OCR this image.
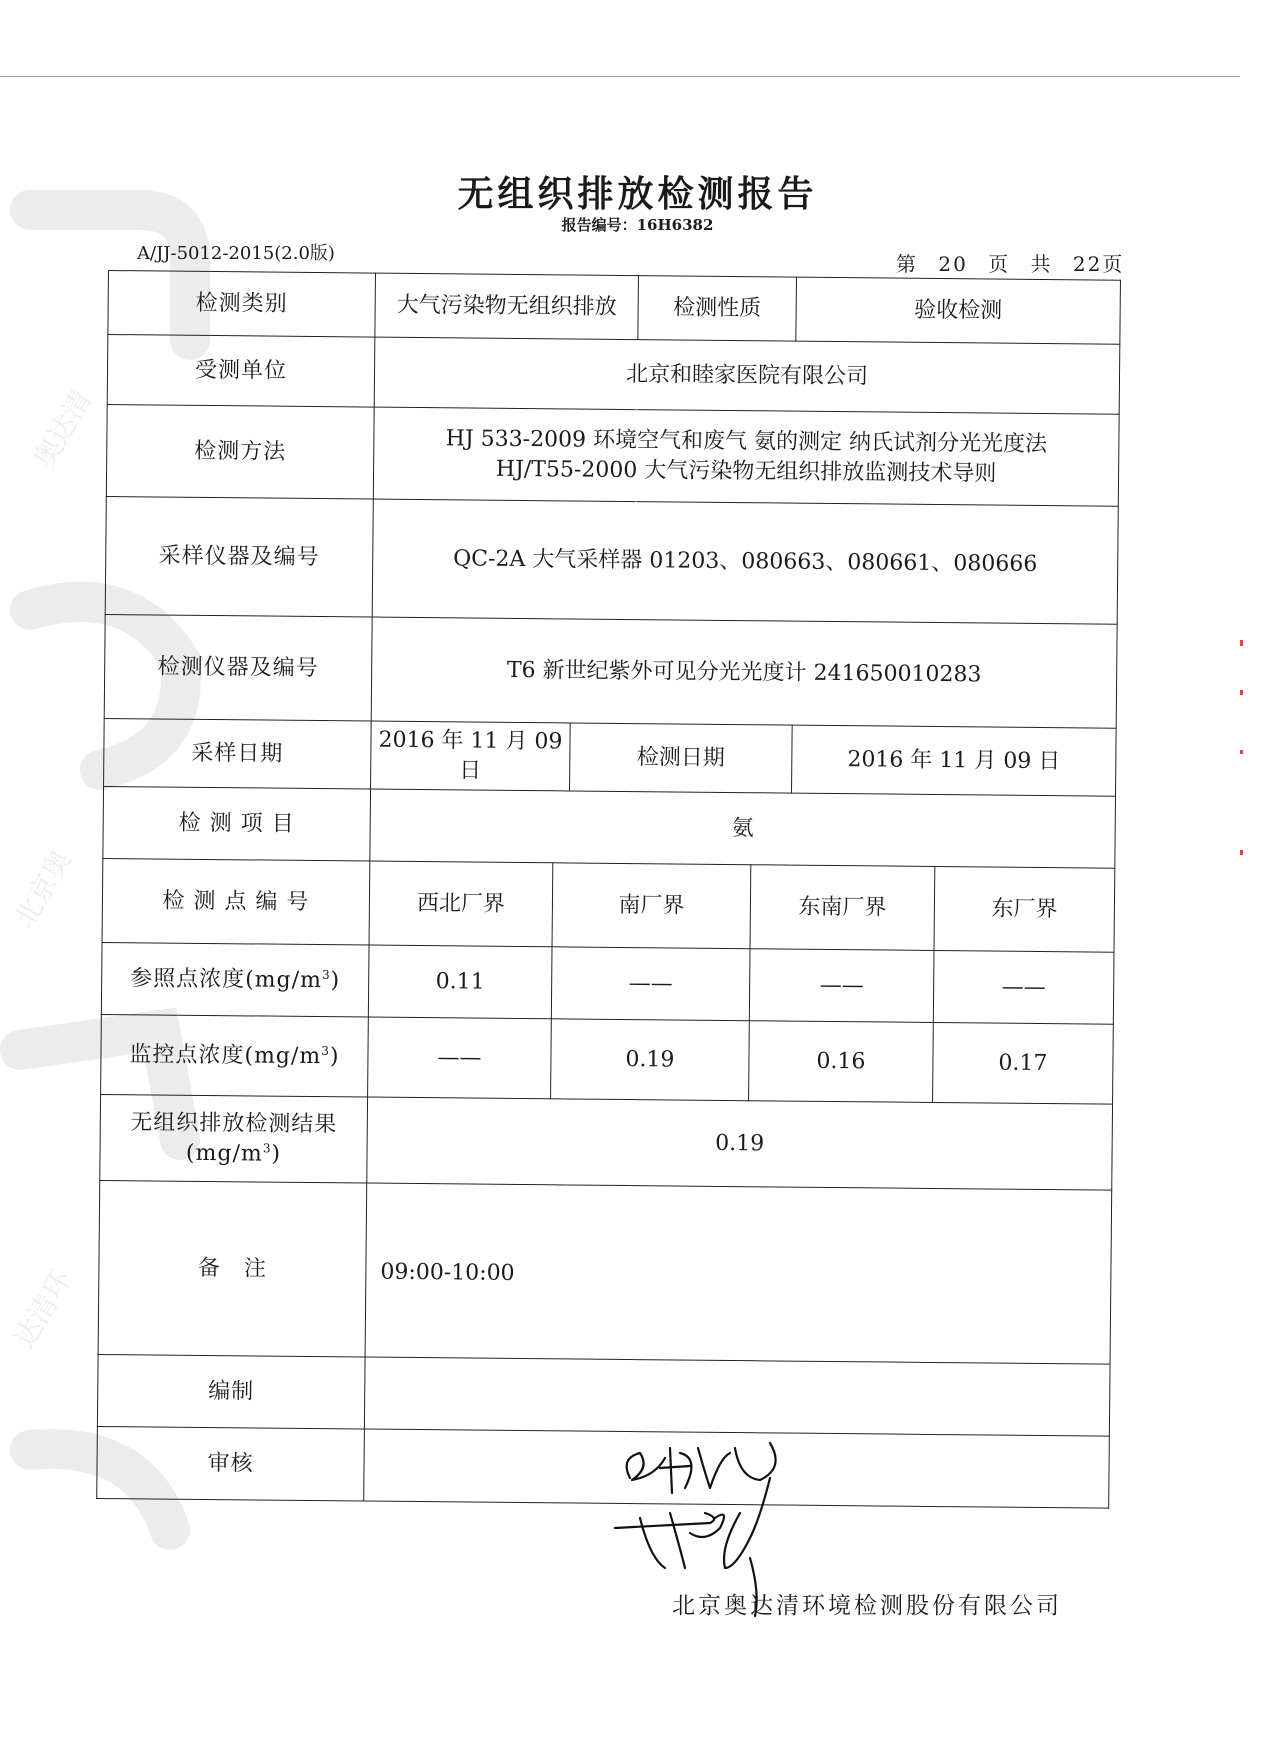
奥达清
北京奥
达清环
无组织排放检测报告
报告编号：16H6382
A/JJ-5012-2015(2.0版)	第 20 页 共 22页
检测类别	大气污染物无组织排放			检测性质		验收检测	
受测单位	北京和睦家医院有限公司						
检测方法	HJ 533-2009 环境空气和废气 氨的测定 纳氏试剂分光光度法
HJ/T55-2000 大气污染物无组织排放监测技术导则						

采样仪器及编号	QC-2A 大气采样器 01203、080663、080661、080666						
检测仪器及编号	T6 新世纪紫外可见分光光度计 241650010283						
采样日期	2016 年 11 月 09 日		检测日期			2016 年 11 月 09 日	
检 测 项 目	氨						
检 测 点 编 号	西北厂界	南厂界			东南厂界		东厂界
参照点浓度$(mg/m^3)$	0.11	——			——		——
监控点浓度$(mg/m^3)$	——	0.19			0.16		0.17

无组织排放检测结果
$(mg/m^3)$	0.19						
备　注	09:00-10:00						
编制							
审核							
北京奥达清环境检测股份有限公司
